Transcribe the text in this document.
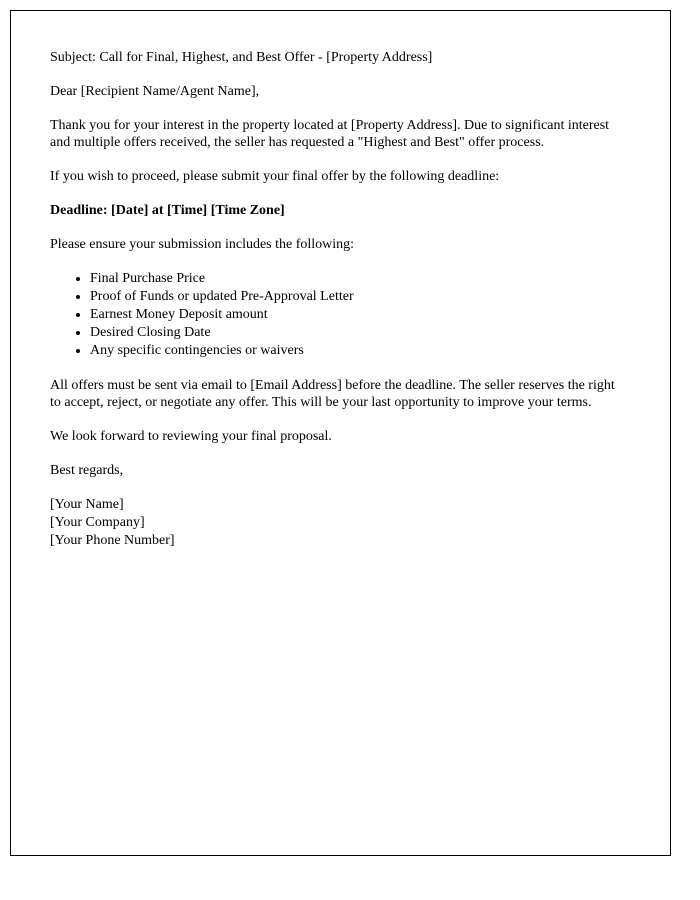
Subject: Call for Final, Highest, and Best Offer - [Property Address]

Dear [Recipient Name/Agent Name],

Thank you for your interest in the property located at [Property Address]. Due to significant interest and multiple offers received, the seller has requested a "Highest and Best" offer process.

If you wish to proceed, please submit your final offer by the following deadline:

Deadline: [Date] at [Time] [Time Zone]

Please ensure your submission includes the following:

• Final Purchase Price
• Proof of Funds or updated Pre-Approval Letter
• Earnest Money Deposit amount
• Desired Closing Date
• Any specific contingencies or waivers

All offers must be sent via email to [Email Address] before the deadline. The seller reserves the right to accept, reject, or negotiate any offer. This will be your last opportunity to improve your terms.

We look forward to reviewing your final proposal.

Best regards,

[Your Name]
[Your Company]
[Your Phone Number]
